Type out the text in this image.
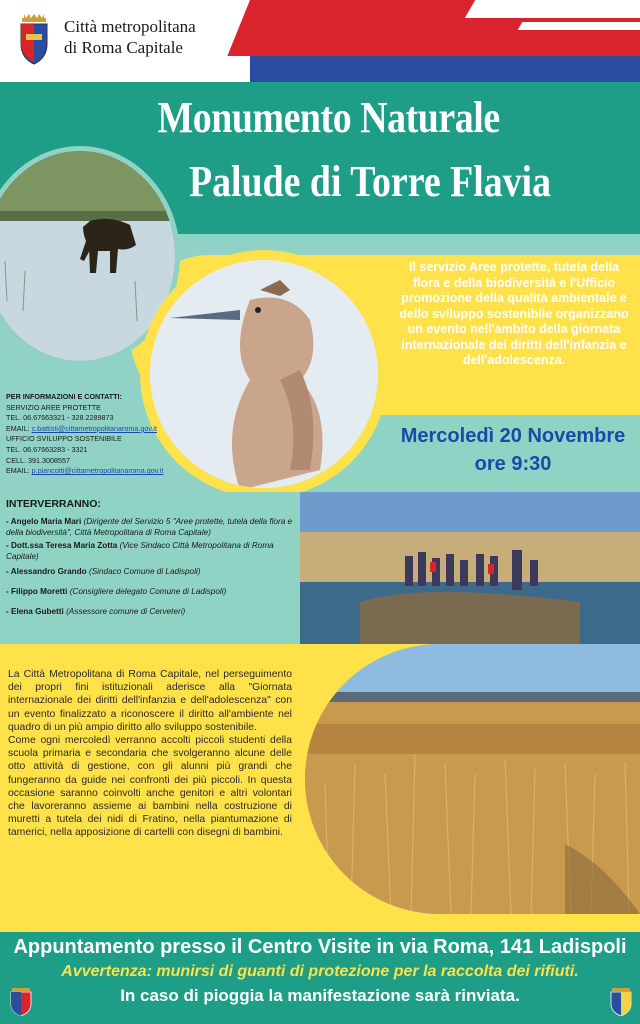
Città metropolitana
di Roma Capitale
Monumento Naturale
Palude di Torre Flavia
Il servizio Aree protette, tutela della flora e della biodiversità e l'Ufficio promozione della qualità ambientale e dello sviluppo sostenibile organizzano un evento nell'ambito della giornata internazionale dei diritti dell'infanzia e dell'adolescenza.
Mercoledì 20 Novembre
ore 9:30
PER INFORMAZIONI E CONTATTI:
SERVIZIO AREE PROTETTE
TEL. 06.67663321 - 328.2289873
EMAIL: c.battisti@cittametropolitanaroma.gov.it
UFFICIO SVILUPPO SOSTENIBILE
TEL. 06.67663283 - 3321
CELL. 391.3008557
EMAIL: p.piancotti@cittametropolitanaroma.gov.it
INTERVERRANNO:
- Angelo Maria Mari (Dirigente del Servizio 5 "Aree protette, tutela della flora e della biodiversità", Città Metropolitana di Roma Capitale)
- Dott.ssa Teresa Maria Zotta (Vice Sindaco Città Metropolitana di Roma Capitale)
- Alessandro Grando (Sindaco Comune di Ladispoli)
- Filippo Moretti (Consigliere delegato Comune di Ladispoli)
- Elena Gubetti (Assessore comune di Cerveteri)
La Città Metropolitana di Roma Capitale, nel perseguimento dei propri fini istituzionali aderisce alla "Giornata internazionale dei diritti dell'infanzia e dell'adolescenza" con un evento finalizzato a riconoscere il diritto all'ambiente nel quadro di un più ampio diritto allo sviluppo sostenibile.
Come ogni mercoledì verranno accolti piccoli studenti della scuola primaria e secondaria che svolgeranno alcune delle otto attività di gestione, con gli alunni più grandi che fungeranno da guide nei confronti dei più piccoli. In questa occasione saranno coinvolti anche genitori e altri volontari che lavoreranno assieme ai bambini nella costruzione di muretti a tutela dei nidi di Fratino, nella piantumazione di tamerici, nella apposizione di cartelli con disegni di bambini.
Appuntamento presso il Centro Visite in via Roma, 141 Ladispoli
Avvertenza: munirsi di guanti di protezione per la raccolta dei rifiuti.
In caso di pioggia la manifestazione sarà rinviata.
